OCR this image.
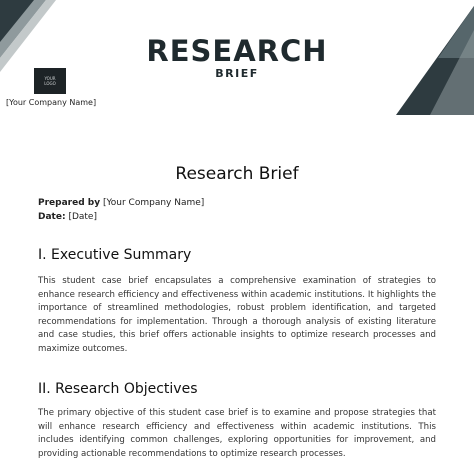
RESEARCH
BRIEF
YOUR
LOGO
[Your Company Name]
Research Brief
Prepared by [Your Company Name]
Date: [Date]
I. Executive Summary
This student case brief encapsulates a comprehensive examination of strategies to enhance research efficiency and effectiveness within academic institutions. It highlights the importance of streamlined methodologies, robust problem identification, and targeted recommendations for implementation. Through a thorough analysis of existing literature and case studies, this brief offers actionable insights to optimize research processes and maximize outcomes.
II. Research Objectives
The primary objective of this student case brief is to examine and propose strategies that will enhance research efficiency and effectiveness within academic institutions. This includes identifying common challenges, exploring opportunities for improvement, and providing actionable recommendations to optimize research processes.
